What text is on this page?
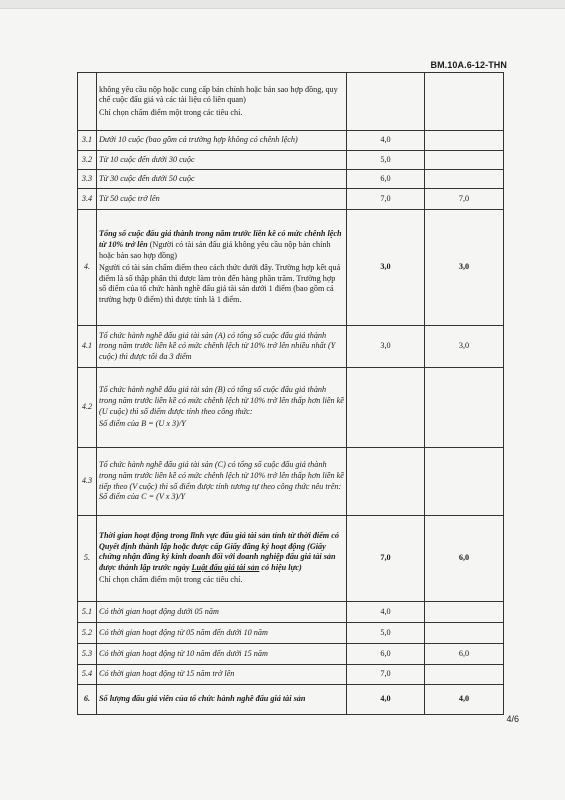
BM.10A.6-12-THN

	không yêu cầu nộp hoặc cung cấp bản chính hoặc bản sao hợp đồng, quy chế cuộc đấu giá và các tài liệu có liên quan)

Chỉ chọn chấm điểm một trong các tiêu chí.		

3.1	Dưới 10 cuộc (bao gồm cả trường hợp không có chênh lệch)	4,0	
3.2	Từ 10 cuộc đến dưới 30 cuộc	5,0	
3.3	Từ 30 cuộc đến dưới 50 cuộc	6,0	
3.4	Từ 50 cuộc trở lên	7,0	7,0
4.	Tổng số cuộc đấu giá thành trong năm trước liền kề có mức chênh lệch từ 10% trở lên (Người có tài sản đấu giá không yêu cầu nộp bản chính hoặc bản sao hợp đồng)

Người có tài sản chấm điểm theo cách thức dưới đây. Trường hợp kết quả điểm là số thập phân thì được làm tròn đến hàng phần trăm. Trường hợp số điểm của tổ chức hành nghề đấu giá tài sản dưới 1 điểm (bao gồm cả trường hợp 0 điểm) thì được tính là 1 điểm.	3,0	3,0
4.1	Tổ chức hành nghề đấu giá tài sản (A) có tổng số cuộc đấu giá thành trong năm trước liền kề có mức chênh lệch từ 10% trở lên nhiều nhất (Y cuộc) thì được tối đa 3 điểm	3,0	3,0
4.2	Tổ chức hành nghề đấu giá tài sản (B) có tổng số cuộc đấu giá thành trong năm trước liền kề có mức chênh lệch từ 10% trở lên thấp hơn liền kề (U cuộc) thì số điểm được tính theo công thức:

Số điểm của B = (U x 3)/Y		

4.3	Tổ chức hành nghề đấu giá tài sản (C) có tổng số cuộc đấu giá thành trong năm trước liền kề có mức chênh lệch từ 10% trở lên thấp hơn liền kề tiếp theo (V cuộc) thì số điểm được tính tương tự theo công thức nêu trên: Số điểm của C = (V x 3)/Y		
5.	Thời gian hoạt động trong lĩnh vực đấu giá tài sản tính từ thời điểm có Quyết định thành lập hoặc được cấp Giấy đăng ký hoạt động (Giấy chứng nhận đăng ký kinh doanh đối với doanh nghiệp đấu giá tài sản được thành lập trước ngày Luật đấu giá tài sản có hiệu lực)

Chỉ chọn chấm điểm một trong các tiêu chí.	7,0	6,0
5.1	Có thời gian hoạt động dưới 05 năm	4,0	
5.2	Có thời gian hoạt động từ 05 năm đến dưới 10 năm	5,0	
5.3	Có thời gian hoạt động từ 10 năm đến dưới 15 năm	6,0	6,0
5.4	Có thời gian hoạt động từ 15 năm trở lên	7,0	
6.	Số lượng đấu giá viên của tổ chức hành nghề đấu giá tài sản	4,0	4,0
4/6
